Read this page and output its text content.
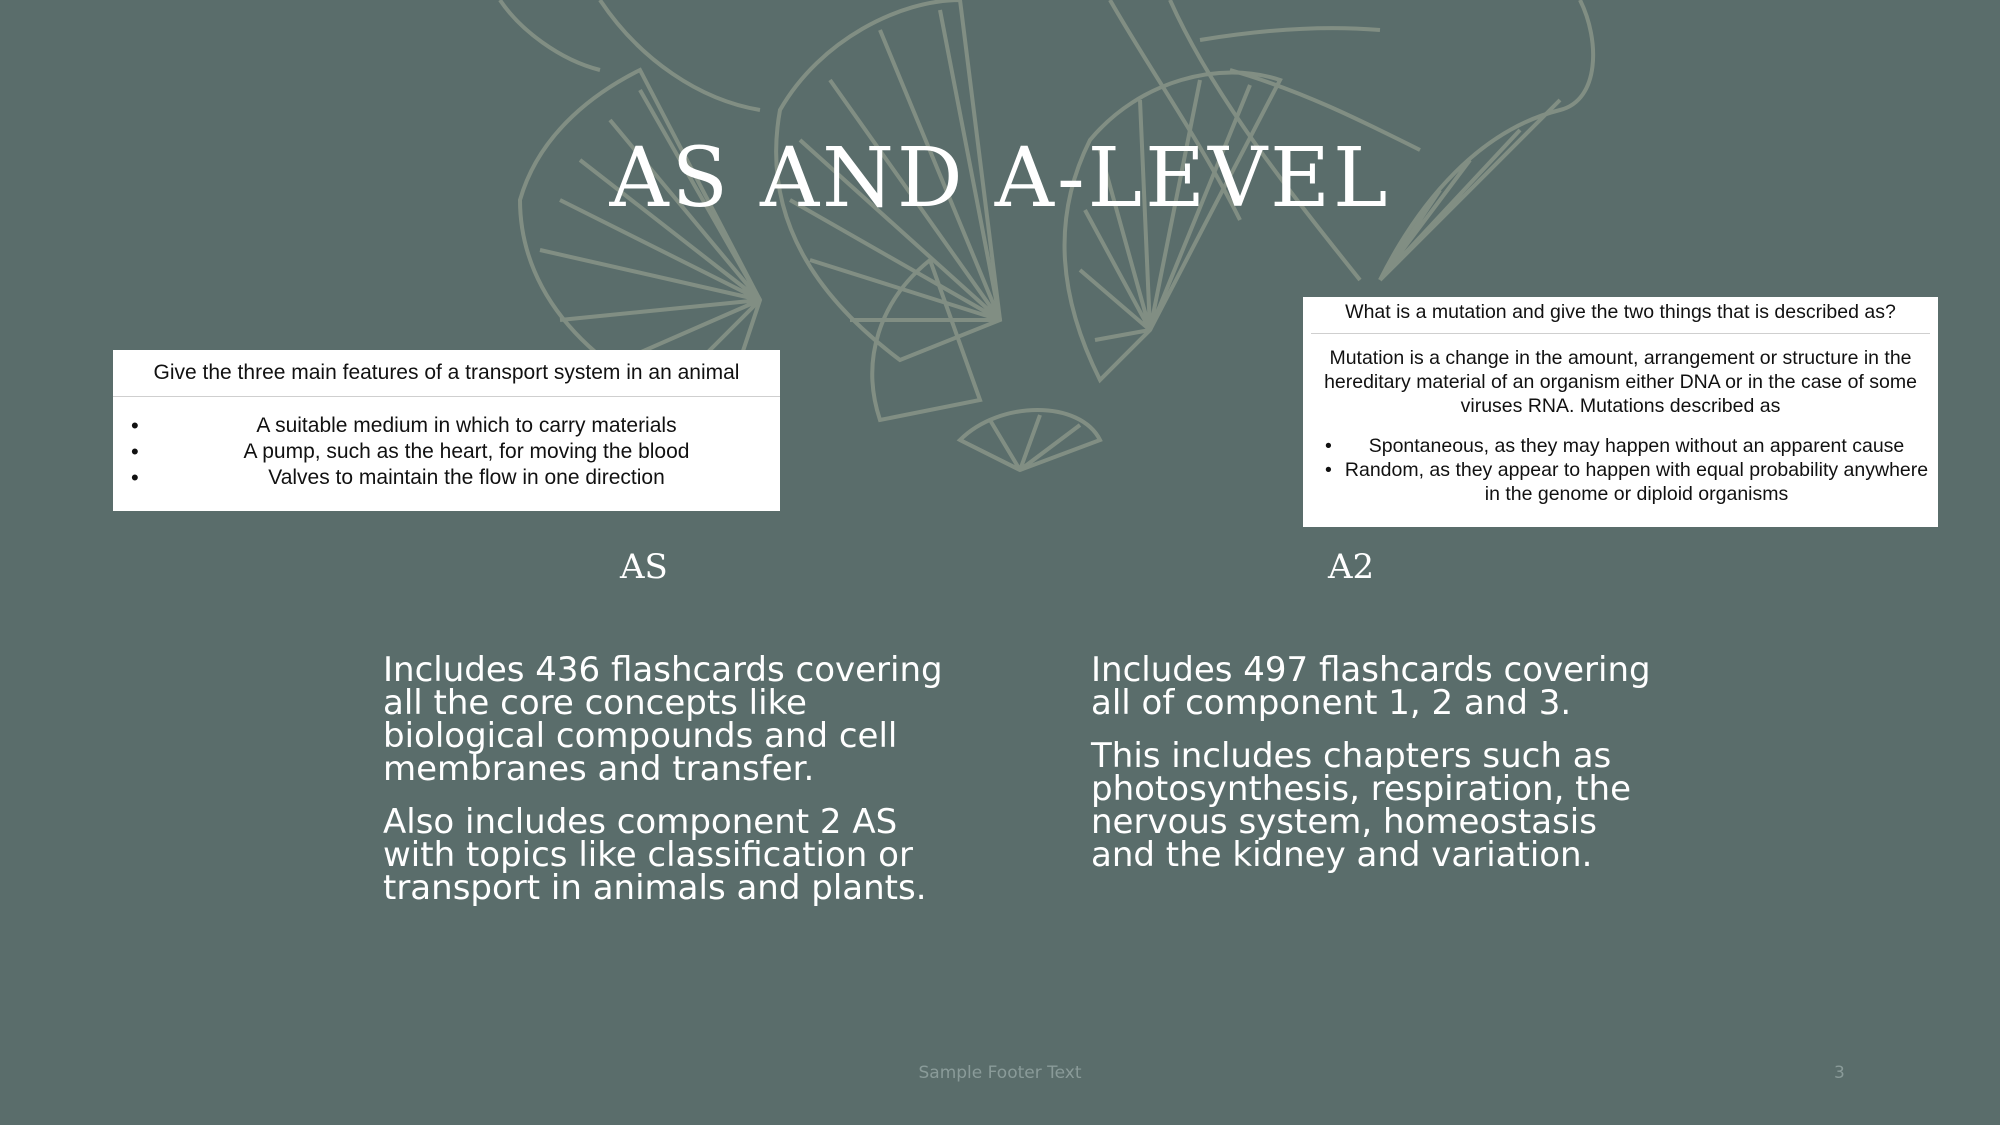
AS AND A-LEVEL
Give the three main features of a transport system in an animal
• A suitable medium in which to carry materials
• A pump, such as the heart, for moving the blood
• Valves to maintain the flow in one direction
What is a mutation and give the two things that is described as?
Mutation is a change in the amount, arrangement or structure in the hereditary material of an organism either DNA or in the case of some viruses RNA. Mutations described as
• Spontaneous, as they may happen without an apparent cause
• Random, as they appear to happen with equal probability anywhere in the genome or diploid organisms
AS	A2

Includes 436 flashcards covering all the core concepts like biological compounds and cell membranes and transfer.

Also includes component 2 AS with topics like classification or transport in animals and plants.

Includes 497 flashcards covering all of component 1, 2 and 3.

This includes chapters such as photosynthesis, respiration, the nervous system, homeostasis and the kidney and variation.

Sample Footer Text	3
